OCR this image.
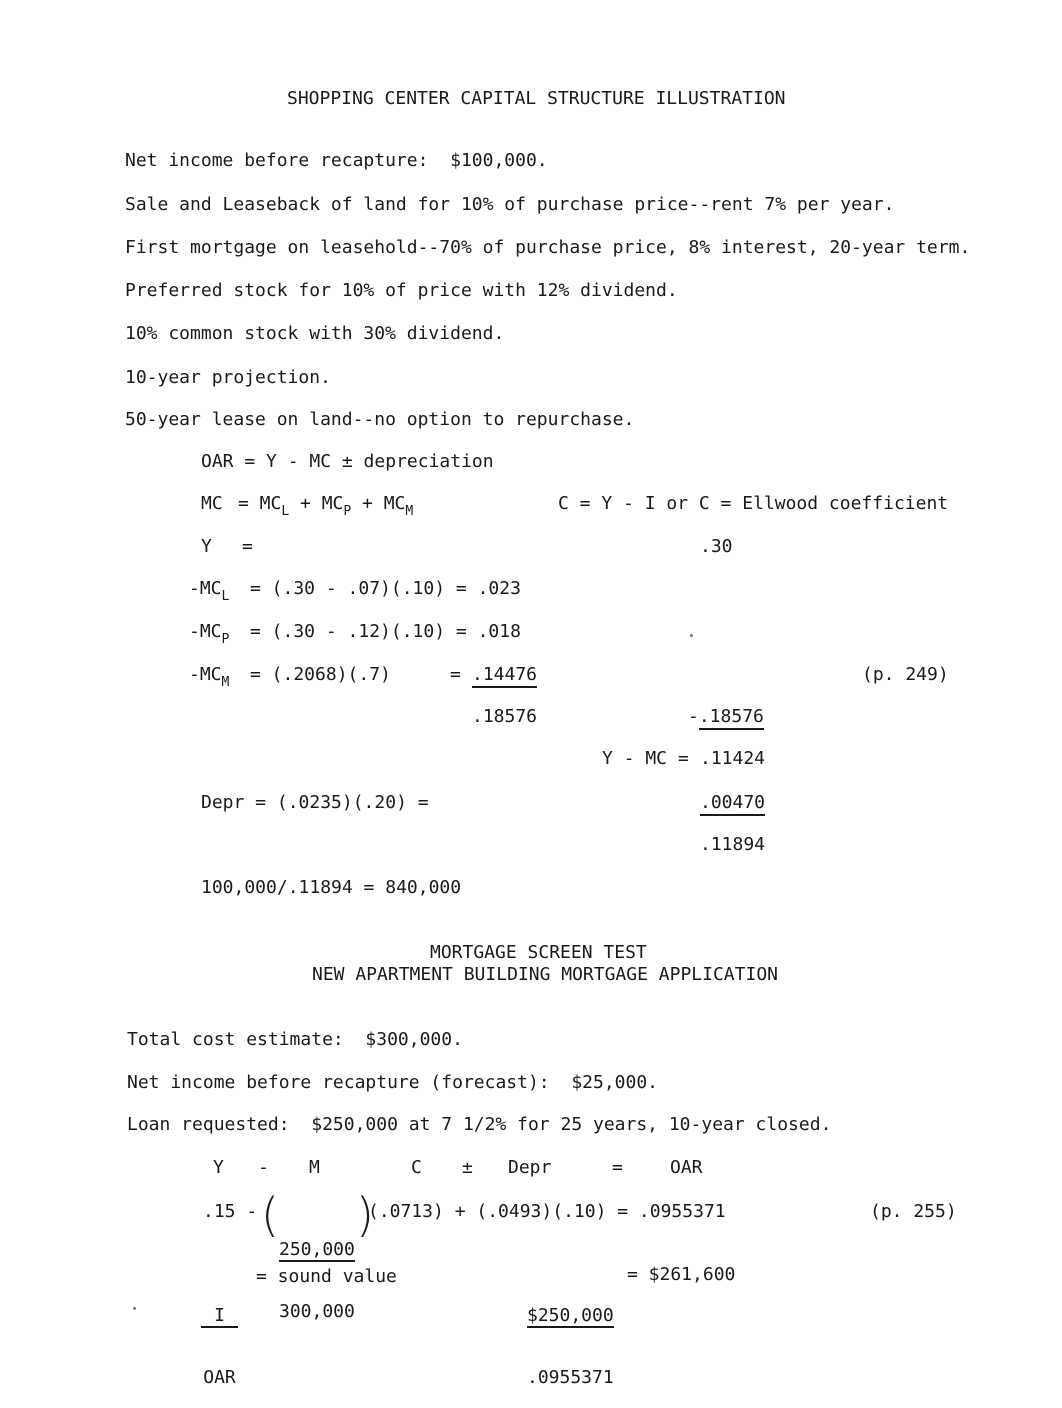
SHOPPING CENTER CAPITAL STRUCTURE ILLUSTRATION
Net income before recapture:  $100,000.
Sale and Leaseback of land for 10% of purchase price--rent 7% per year.
First mortgage on leasehold--70% of purchase price, 8% interest, 20-year term.
Preferred stock for 10% of price with 12% dividend.
10% common stock with 30% dividend.
10-year projection.
50-year lease on land--no option to repurchase.
OAR = Y - MC ± depreciation
MC = $MC_L + MC_P + MC_M$	C = Y - I or C = Ellwood coefficient
Y =	.30
$-MC_L = (.30 - .07)(.10) = .023$
$-MC_P = (.30 - .12)(.10) = .018$
$-MC_M = (.2068)(.7)$	= .14476	(p. 249)
.18576	-.18576
Y - MC = .11424
Depr = (.0235)(.20) =	.00470
.11894
100,000/.11894 = 840,000
MORTGAGE SCREEN TEST
NEW APARTMENT BUILDING MORTGAGE APPLICATION
Total cost estimate:  $300,000.
Net income before recapture (forecast):  $25,000.
Loan requested:  $250,000 at 7 1/2% for 25 years, 10-year closed.
Y - M	C ± Depr	=	OAR
.15 - (

$\frac{250,000}{300,000}$ )
(.0713) + (.0493)(.10) = .0955371	(p. 255)

I

OAR

= sound value

	$\frac{\$250,000}{.0955371}$ = $261,600
